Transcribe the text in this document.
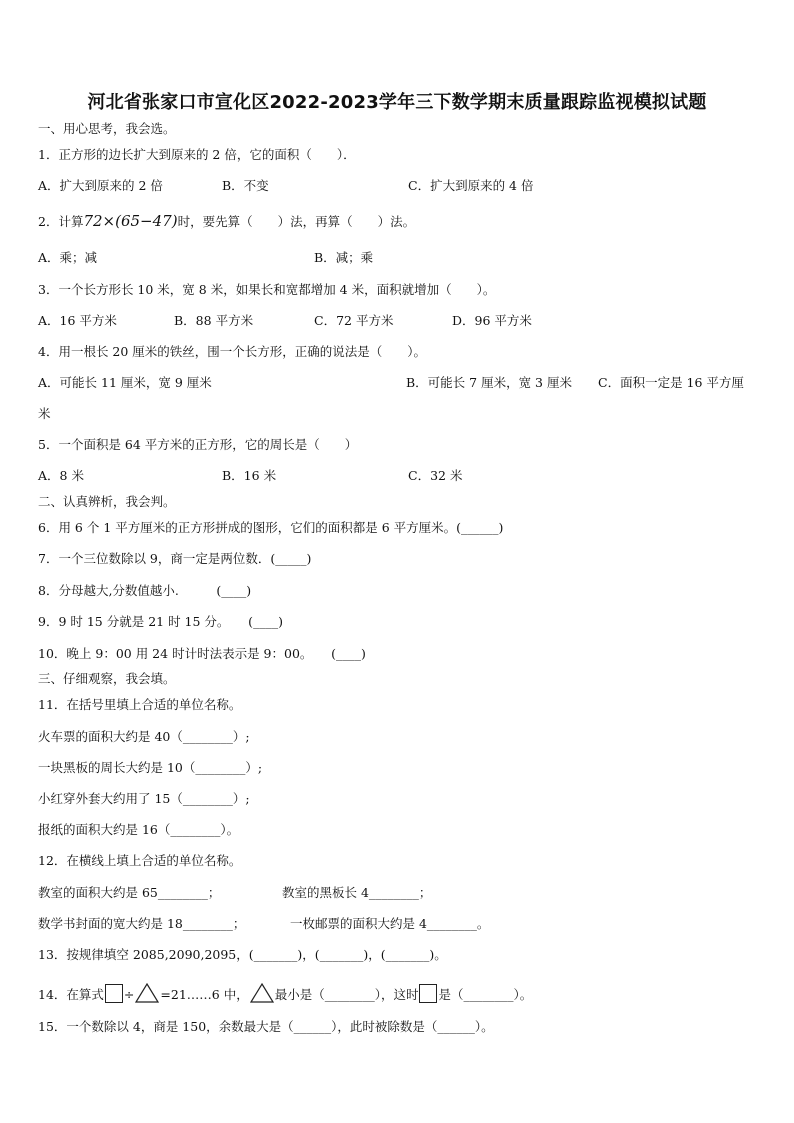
河北省张家口市宣化区2022-2023学年三下数学期末质量跟踪监视模拟试题
一、用心思考，我会选。
1．正方形的边长扩大到原来的 2 倍，它的面积（　　）．
A．扩大到原来的 2 倍	B．不变	C．扩大到原来的 4 倍
2．计算72×(65−47)时，要先算（　　）法，再算（　　）法。
A．乘；减	B．减；乘
3．一个长方形长 10 米，宽 8 米，如果长和宽都增加 4 米，面积就增加（　　）。
A．16 平方米	B．88 平方米	C．72 平方米	D．96 平方米
4．用一根长 20 厘米的铁丝，围一个长方形，正确的说法是（　　）。
A．可能长 11 厘米，宽 9 厘米	B．可能长 7 厘米，宽 3 厘米 C．面积一定是 16 平方厘
米
5．一个面积是 64 平方米的正方形，它的周长是（　　）
A．8 米	B．16 米	C．32 米
二、认真辨析，我会判。
6．用 6 个 1 平方厘米的正方形拼成的图形，它们的面积都是 6 平方厘米。(______)
7．一个三位数除以 9，商一定是两位数．(_____)
8．分母越大,分数值越小.　　　(____)
9．9 时 15 分就是 21 时 15 分。　　(____)
10．晚上 9：00 用 24 时计时法表示是 9：00。　　(____)
三、仔细观察，我会填。
11．在括号里填上合适的单位名称。
火车票的面积大约是 40（________）;
一块黑板的周长大约是 10（________）;
小红穿外套大约用了 15（________）;
报纸的面积大约是 16（________）。
12．在横线上填上合适的单位名称。
教室的面积大约是 65________；	教室的黑板长 4________；
数学书封面的宽大约是 18________；	一枚邮票的面积大约是 4________。
13．按规律填空 2085,2090,2095，(_______)，(_______)，(_______)。
14．在算式 ÷ =21……6 中， 最小是（________），这时 是（________）。
15．一个数除以 4，商是 150，余数最大是（______），此时被除数是（______）。
